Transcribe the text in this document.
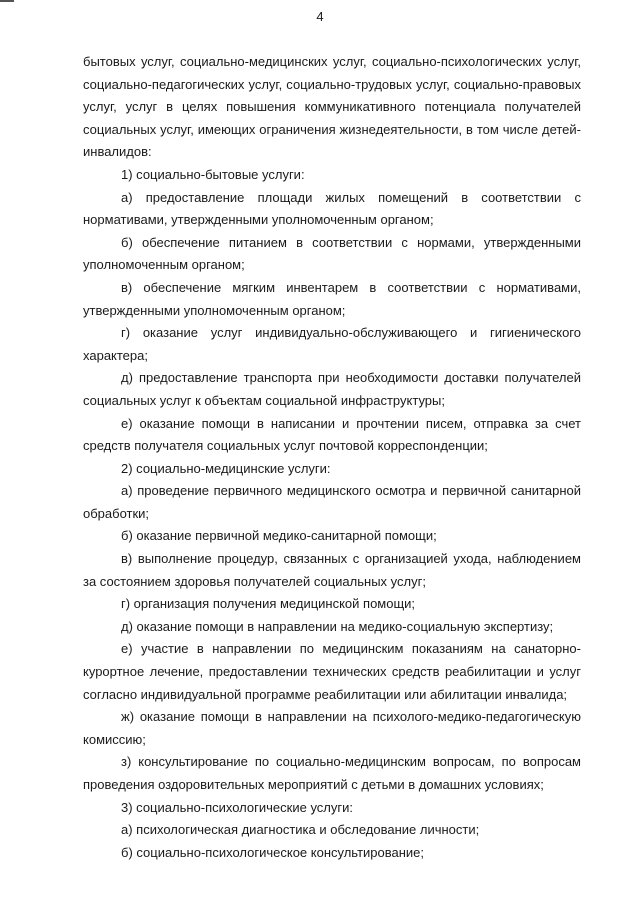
4

бытовых услуг, социально-медицинских услуг, социально-психологических услуг, социально-педагогических услуг, социально-трудовых услуг, социально-правовых услуг, услуг в целях повышения коммуникативного потенциала получателей социальных услуг, имеющих ограничения жизнедеятельности, в том числе детей-инвалидов:

1) социально-бытовые услуги:

а) предоставление площади жилых помещений в соответствии с нормативами, утвержденными уполномоченным органом;

б) обеспечение питанием в соответствии с нормами, утвержденными уполномоченным органом;

в) обеспечение мягким инвентарем в соответствии с нормативами, утвержденными уполномоченным органом;

г) оказание услуг индивидуально-обслуживающего и гигиенического характера;

д) предоставление транспорта при необходимости доставки получателей социальных услуг к объектам социальной инфраструктуры;

е) оказание помощи в написании и прочтении писем, отправка за счет средств получателя социальных услуг почтовой корреспонденции;

2) социально-медицинские услуги:

а) проведение первичного медицинского осмотра и первичной санитарной обработки;

б) оказание первичной медико-санитарной помощи;

в) выполнение процедур, связанных с организацией ухода, наблюдением за состоянием здоровья получателей социальных услуг;

г) организация получения медицинской помощи;

д) оказание помощи в направлении на медико-социальную экспертизу;

е) участие в направлении по медицинским показаниям на санаторно-курортное лечение, предоставлении технических средств реабилитации и услуг согласно индивидуальной программе реабилитации или абилитации инвалида;

ж) оказание помощи в направлении на психолого-медико-педагогическую комиссию;

з) консультирование по социально-медицинским вопросам, по вопросам проведения оздоровительных мероприятий с детьми в домашних условиях;

3) социально-психологические услуги:

а) психологическая диагностика и обследование личности;

б) социально-психологическое консультирование;
